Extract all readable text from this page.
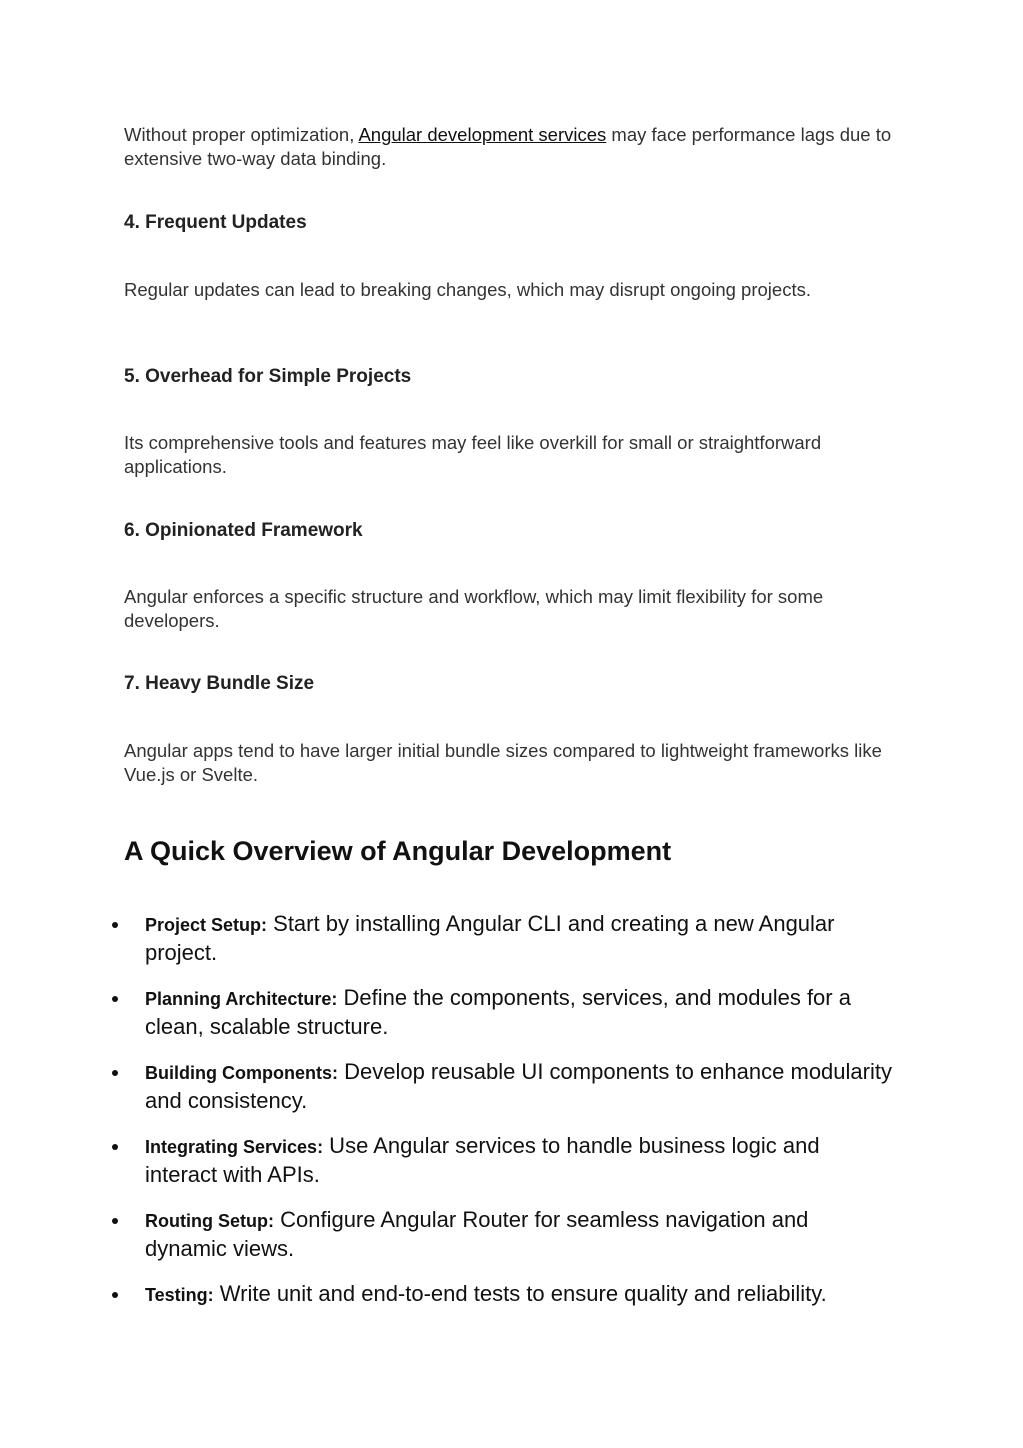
Without proper optimization, Angular development services may face performance lags due to extensive two-way data binding.

4. Frequent Updates

Regular updates can lead to breaking changes, which may disrupt ongoing projects.

5. Overhead for Simple Projects

Its comprehensive tools and features may feel like overkill for small or straightforward applications.

6. Opinionated Framework

Angular enforces a specific structure and workflow, which may limit flexibility for some developers.

7. Heavy Bundle Size

Angular apps tend to have larger initial bundle sizes compared to lightweight frameworks like Vue.js or Svelte.

A Quick Overview of Angular Development
Project Setup: Start by installing Angular CLI and creating a new Angular project.
Planning Architecture: Define the components, services, and modules for a clean, scalable structure.
Building Components: Develop reusable UI components to enhance modularity and consistency.
Integrating Services: Use Angular services to handle business logic and interact with APIs.
Routing Setup: Configure Angular Router for seamless navigation and dynamic views.
Testing: Write unit and end-to-end tests to ensure quality and reliability.
